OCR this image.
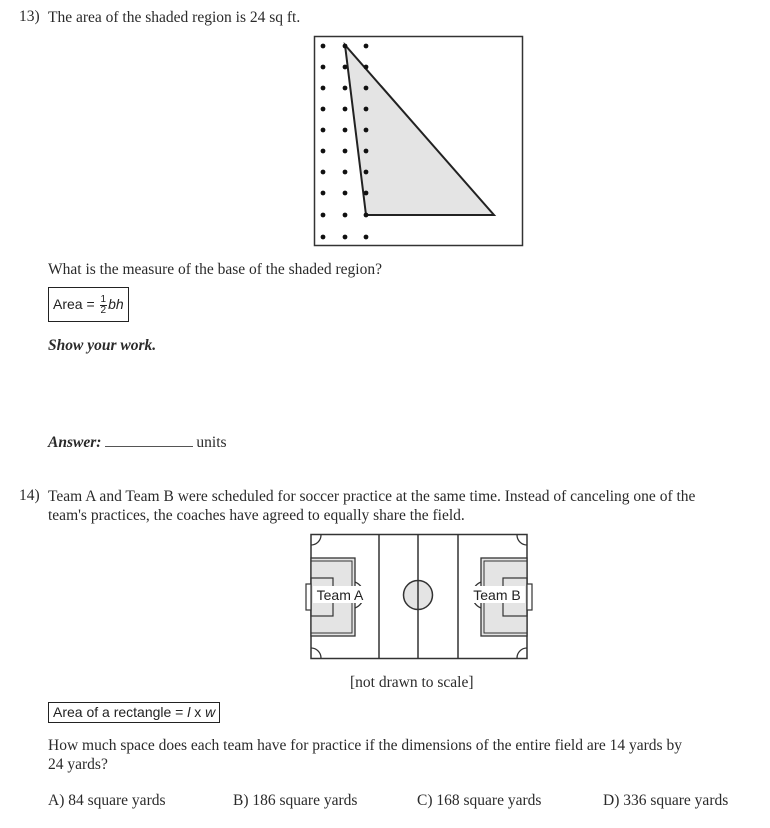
13) The area of the shaded region is 24 sq ft.
What is the measure of the base of the shaded region?
Area = $\frac{1}{2}$ bh
Show your work.
Answer:	units
14) Team A and Team B were scheduled for soccer practice at the same time. Instead of canceling one of the
team's practices, the coaches have agreed to equally share the field.
Team A	Team B
[not drawn to scale]
Area of a rectangle = l x w
How much space does each team have for practice if the dimensions of the entire field are 14 yards by
24 yards?
A) 84 square yards	B) 186 square yards	C) 168 square yards	D) 336 square yards
